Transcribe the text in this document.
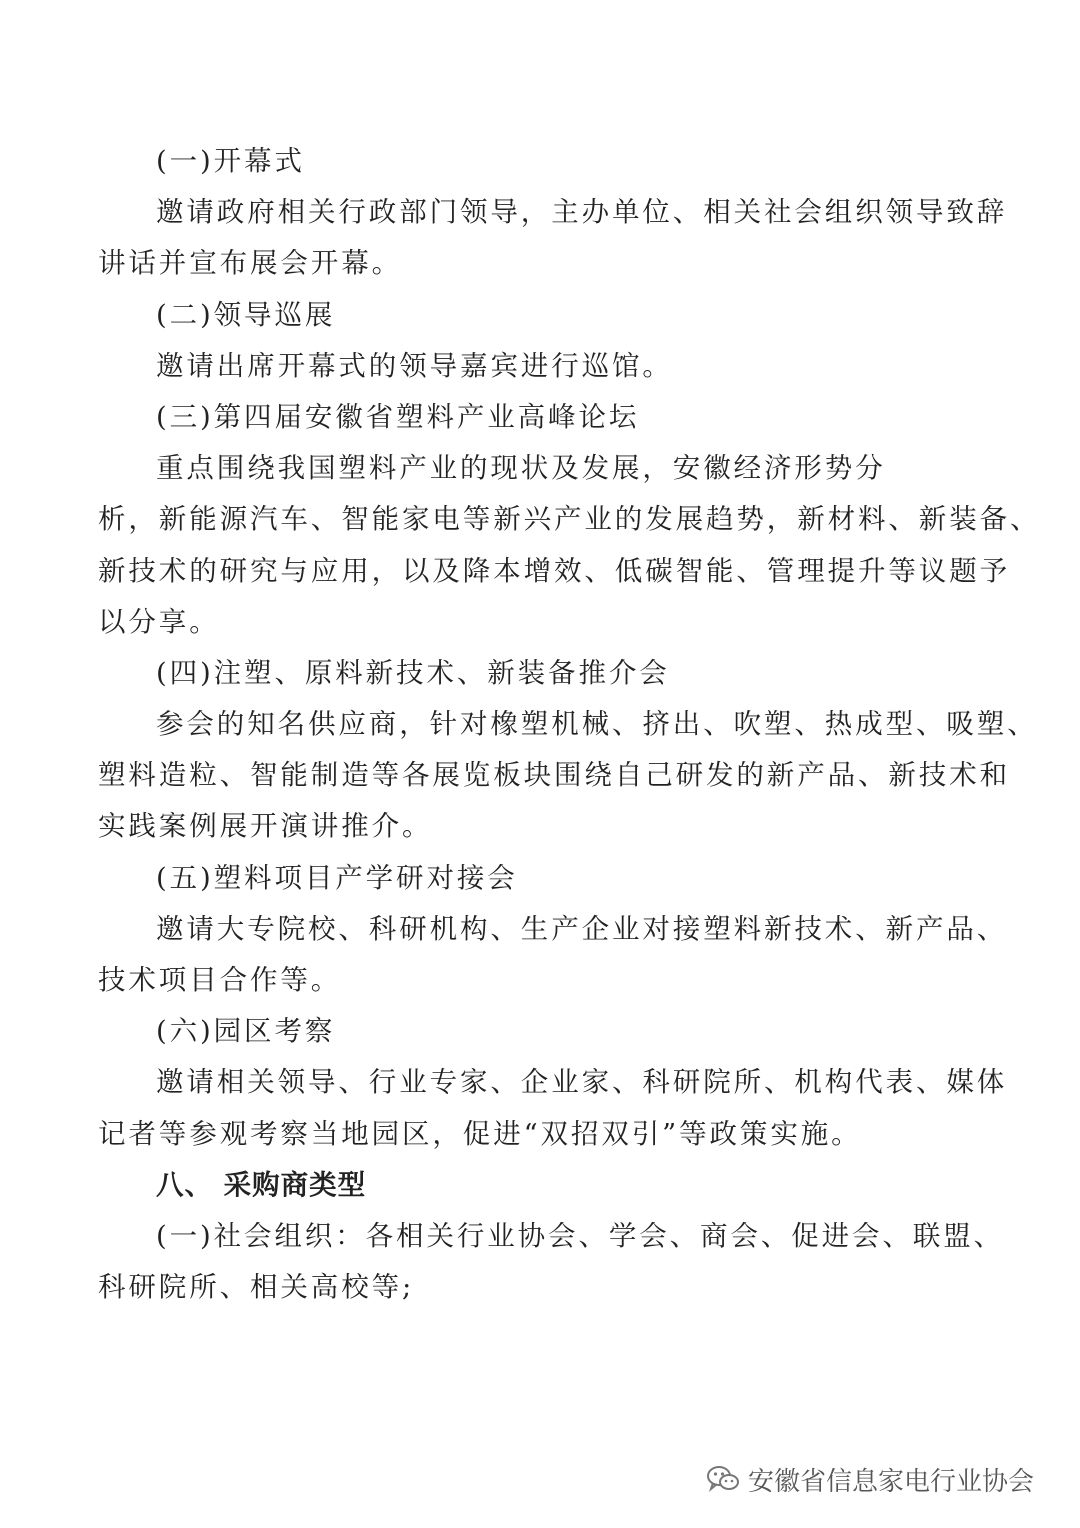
(一)开幕式
邀请政府相关行政部门领导，主办单位、相关社会组织领导致辞
讲话并宣布展会开幕。
(二)领导巡展
邀请出席开幕式的领导嘉宾进行巡馆。
(三)第四届安徽省塑料产业高峰论坛
重点围绕我国塑料产业的现状及发展，安徽经济形势分
析，新能源汽车、智能家电等新兴产业的发展趋势，新材料、新装备、
新技术的研究与应用，以及降本增效、低碳智能、管理提升等议题予
以分享。
(四)注塑、原料新技术、新装备推介会
参会的知名供应商，针对橡塑机械、挤出、吹塑、热成型、吸塑、
塑料造粒、智能制造等各展览板块围绕自己研发的新产品、新技术和
实践案例展开演讲推介。
(五)塑料项目产学研对接会
邀请大专院校、科研机构、生产企业对接塑料新技术、新产品、
技术项目合作等。
(六)园区考察
邀请相关领导、行业专家、企业家、科研院所、机构代表、媒体
记者等参观考察当地园区，促进“双招双引”等政策实施。
八、 采购商类型
(一)社会组织：各相关行业协会、学会、商会、促进会、联盟、
科研院所、相关高校等;
安徽省信息家电行业协会
